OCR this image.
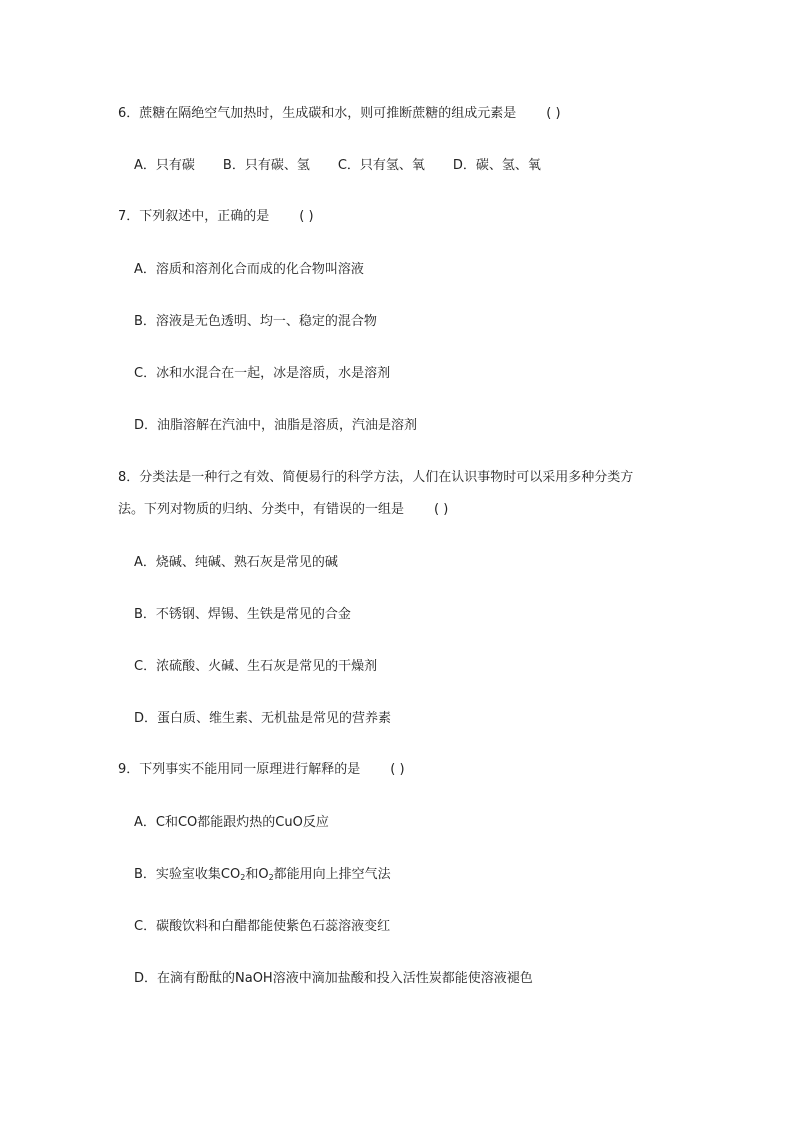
6．蔗糖在隔绝空气加热时，生成碳和水，则可推断蔗糖的组成元素是 ( )
A．只有碳 B．只有碳、氢 C．只有氢、氧 D．碳、氢、氧
7．下列叙述中，正确的是 ( )
A．溶质和溶剂化合而成的化合物叫溶液
B．溶液是无色透明、均一、稳定的混合物
C．冰和水混合在一起，冰是溶质，水是溶剂
D．油脂溶解在汽油中，油脂是溶质，汽油是溶剂
8．分类法是一种行之有效、简便易行的科学方法，人们在认识事物时可以采用多种分类方
法。下列对物质的归纳、分类中，有错误的一组是 ( )
A．烧碱、纯碱、熟石灰是常见的碱
B．不锈钢、焊锡、生铁是常见的合金
C．浓硫酸、火碱、生石灰是常见的干燥剂
D．蛋白质、维生素、无机盐是常见的营养素
9．下列事实不能用同一原理进行解释的是 ( )
A．C和CO都能跟灼热的CuO反应
B．实验室收集$CO_2$和$O_2$都能用向上排空气法
C．碳酸饮料和白醋都能使紫色石蕊溶液变红
D．在滴有酚酞的NaOH溶液中滴加盐酸和投入活性炭都能使溶液褪色
